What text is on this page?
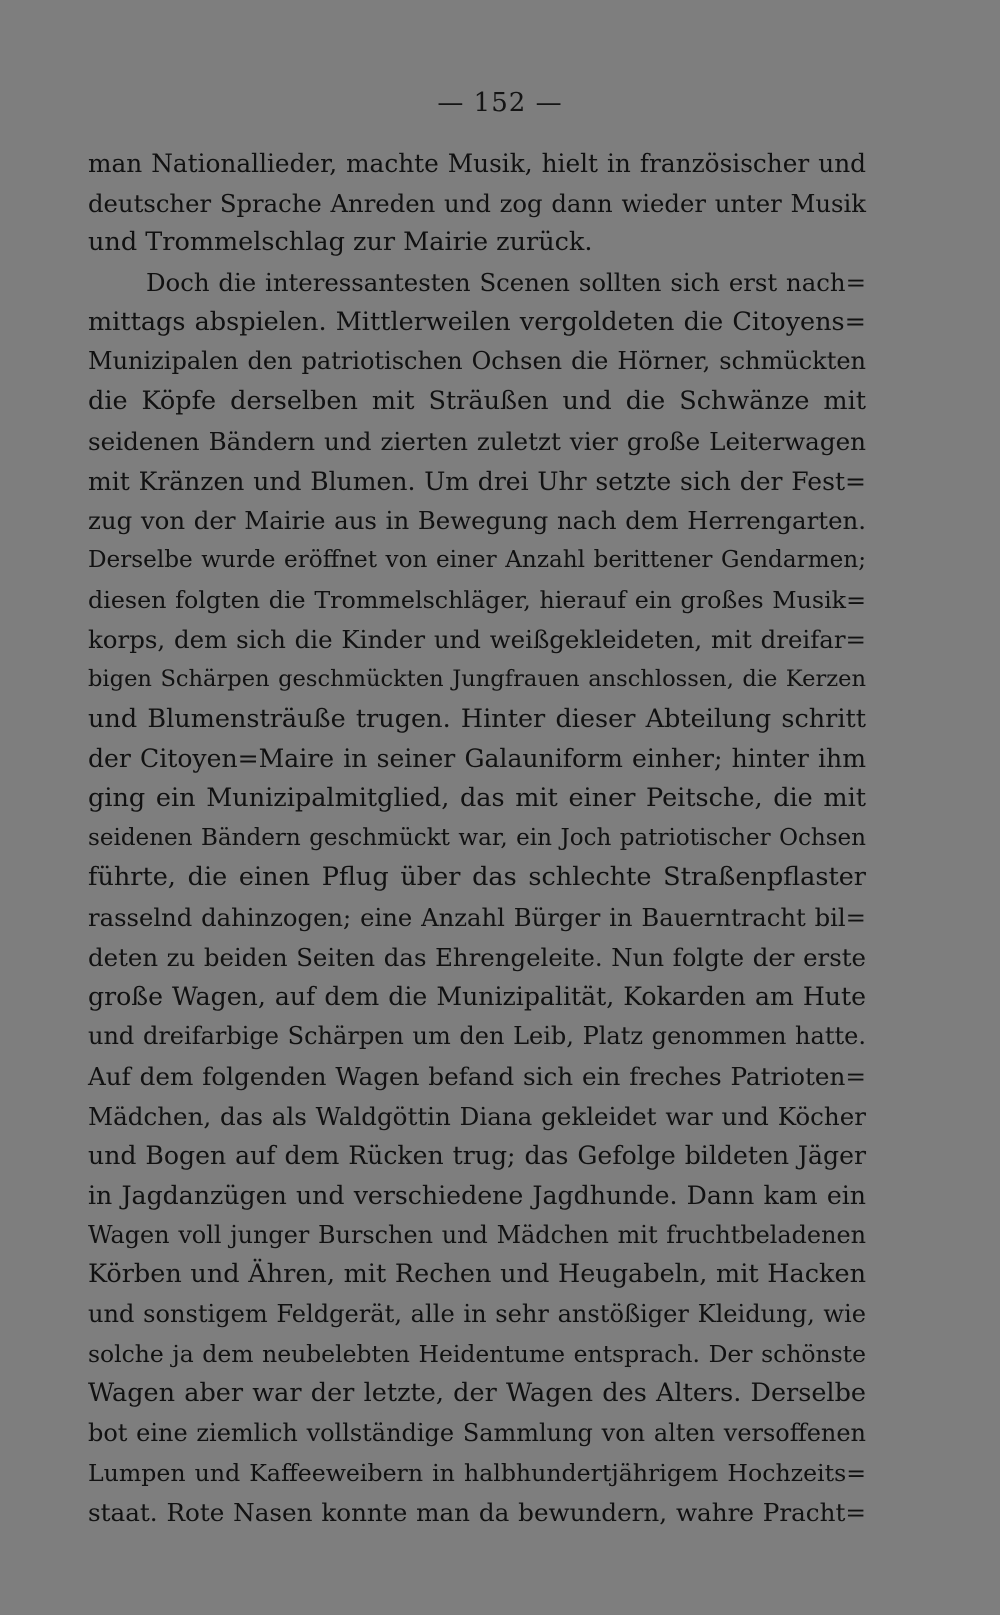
— 152 —
man Nationallieder, machte Musik, hielt in französischer und
deutscher Sprache Anreden und zog dann wieder unter Musik
und Trommelschlag zur Mairie zurück.
Doch die interessantesten Scenen sollten sich erst nach=
mittags abspielen. Mittlerweilen vergoldeten die Citoyens=
Munizipalen den patriotischen Ochsen die Hörner, schmückten
die Köpfe derselben mit Sträußen und die Schwänze mit
seidenen Bändern und zierten zuletzt vier große Leiterwagen
mit Kränzen und Blumen. Um drei Uhr setzte sich der Fest=
zug von der Mairie aus in Bewegung nach dem Herrengarten.
Derselbe wurde eröffnet von einer Anzahl berittener Gendarmen;
diesen folgten die Trommelschläger, hierauf ein großes Musik=
korps, dem sich die Kinder und weißgekleideten, mit dreifar=
bigen Schärpen geschmückten Jungfrauen anschlossen, die Kerzen
und Blumensträuße trugen. Hinter dieser Abteilung schritt
der Citoyen=Maire in seiner Galauniform einher; hinter ihm
ging ein Munizipalmitglied, das mit einer Peitsche, die mit
seidenen Bändern geschmückt war, ein Joch patriotischer Ochsen
führte, die einen Pflug über das schlechte Straßenpflaster
rasselnd dahinzogen; eine Anzahl Bürger in Bauerntracht bil=
deten zu beiden Seiten das Ehrengeleite. Nun folgte der erste
große Wagen, auf dem die Munizipalität, Kokarden am Hute
und dreifarbige Schärpen um den Leib, Platz genommen hatte.
Auf dem folgenden Wagen befand sich ein freches Patrioten=
Mädchen, das als Waldgöttin Diana gekleidet war und Köcher
und Bogen auf dem Rücken trug; das Gefolge bildeten Jäger
in Jagdanzügen und verschiedene Jagdhunde. Dann kam ein
Wagen voll junger Burschen und Mädchen mit fruchtbeladenen
Körben und Ähren, mit Rechen und Heugabeln, mit Hacken
und sonstigem Feldgerät, alle in sehr anstößiger Kleidung, wie
solche ja dem neubelebten Heidentume entsprach. Der schönste
Wagen aber war der letzte, der Wagen des Alters. Derselbe
bot eine ziemlich vollständige Sammlung von alten versoffenen
Lumpen und Kaffeeweibern in halbhundertjährigem Hochzeits=
staat. Rote Nasen konnte man da bewundern, wahre Pracht=
